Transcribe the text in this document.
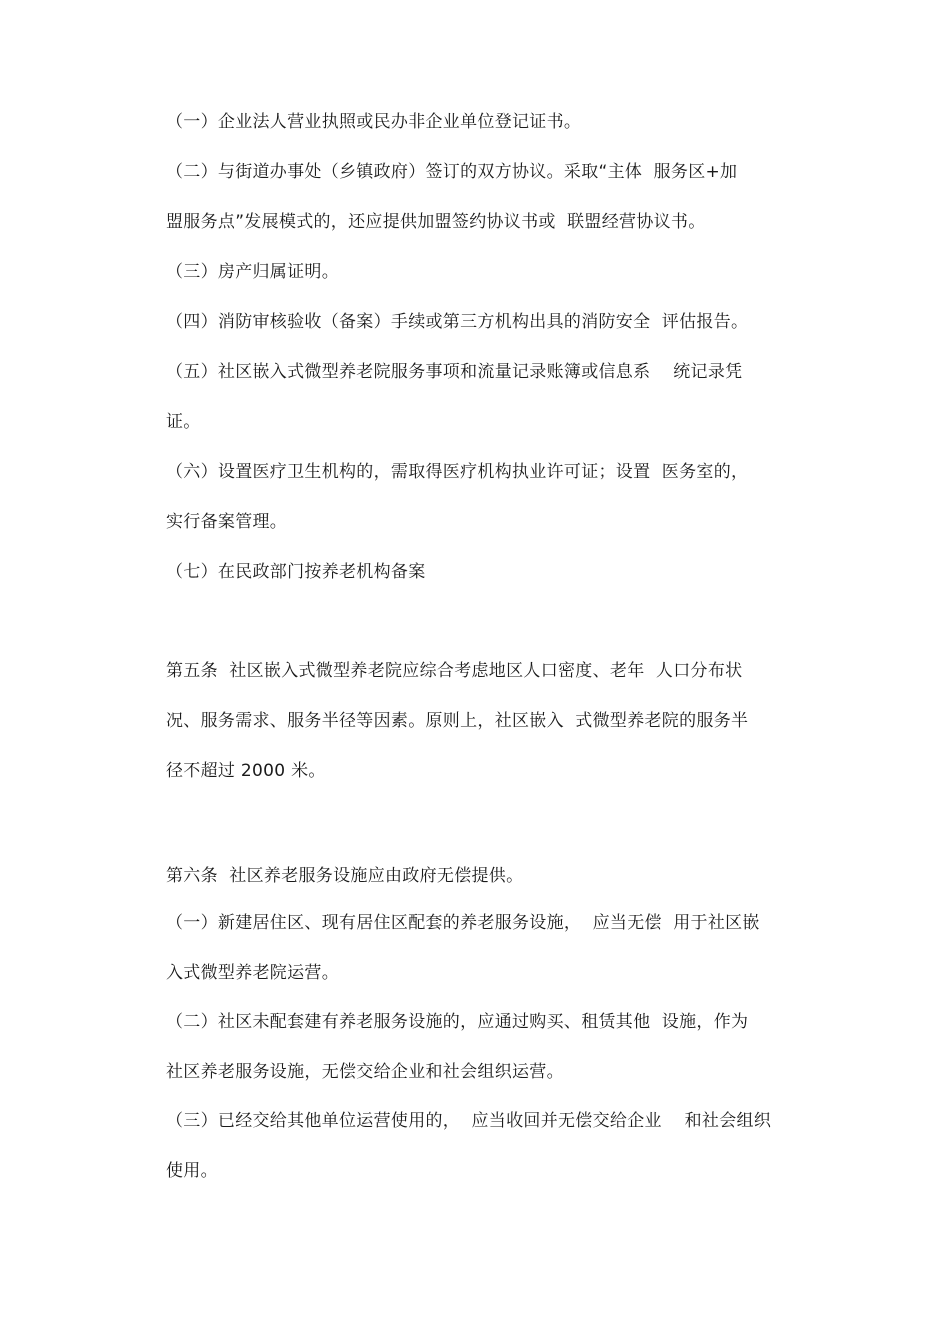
（一）企业法人营业执照或民办非企业单位登记证书。
（二）与街道办事处（乡镇政府）签订的双方协议。采取“主体  服务区+加
盟服务点”发展模式的，还应提供加盟签约协议书或  联盟经营协议书。
（三）房产归属证明。
（四）消防审核验收（备案）手续或第三方机构出具的消防安全  评估报告。
（五）社区嵌入式微型养老院服务事项和流量记录账簿或信息系    统记录凭
证。
（六）设置医疗卫生机构的，需取得医疗机构执业许可证；设置  医务室的，
实行备案管理。
（七）在民政部门按养老机构备案
第五条  社区嵌入式微型养老院应综合考虑地区人口密度、老年  人口分布状
况、服务需求、服务半径等因素。原则上，社区嵌入  式微型养老院的服务半
径不超过 2000 米。
第六条  社区养老服务设施应由政府无偿提供。
（一）新建居住区、现有居住区配套的养老服务设施，  应当无偿  用于社区嵌
入式微型养老院运营。
（二）社区未配套建有养老服务设施的，应通过购买、租赁其他  设施，作为
社区养老服务设施，无偿交给企业和社会组织运营。
（三）已经交给其他单位运营使用的，  应当收回并无偿交给企业    和社会组织
使用。
